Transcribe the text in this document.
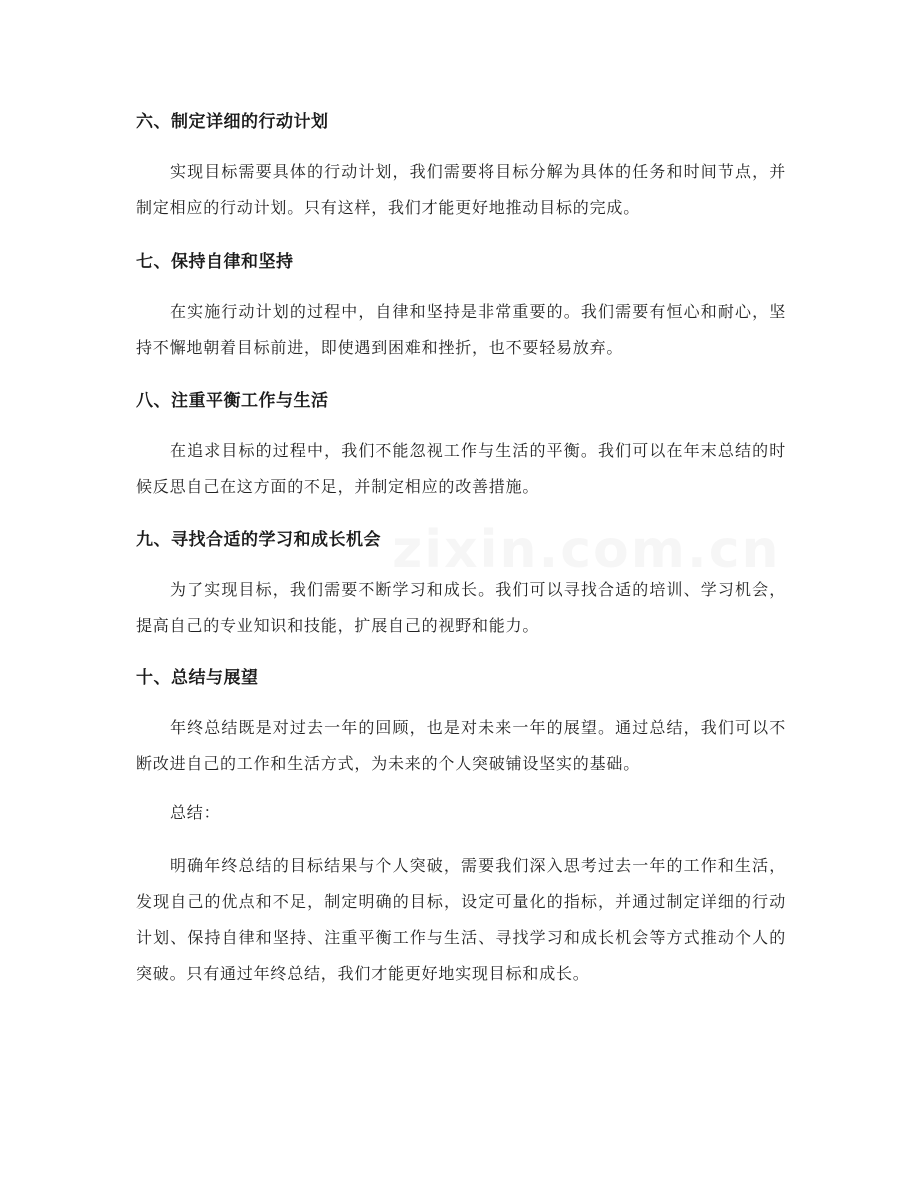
六、制定详细的行动计划

实现目标需要具体的行动计划，我们需要将目标分解为具体的任务和时间节点，并制定相应的行动计划。只有这样，我们才能更好地推动目标的完成。

七、保持自律和坚持

在实施行动计划的过程中，自律和坚持是非常重要的。我们需要有恒心和耐心，坚持不懈地朝着目标前进，即使遇到困难和挫折，也不要轻易放弃。

八、注重平衡工作与生活

在追求目标的过程中，我们不能忽视工作与生活的平衡。我们可以在年末总结的时候反思自己在这方面的不足，并制定相应的改善措施。

九、寻找合适的学习和成长机会

为了实现目标，我们需要不断学习和成长。我们可以寻找合适的培训、学习机会，提高自己的专业知识和技能，扩展自己的视野和能力。

十、总结与展望

年终总结既是对过去一年的回顾，也是对未来一年的展望。通过总结，我们可以不断改进自己的工作和生活方式，为未来的个人突破铺设坚实的基础。

总结：

明确年终总结的目标结果与个人突破，需要我们深入思考过去一年的工作和生活，发现自己的优点和不足，制定明确的目标，设定可量化的指标，并通过制定详细的行动计划、保持自律和坚持、注重平衡工作与生活、寻找学习和成长机会等方式推动个人的突破。只有通过年终总结，我们才能更好地实现目标和成长。
